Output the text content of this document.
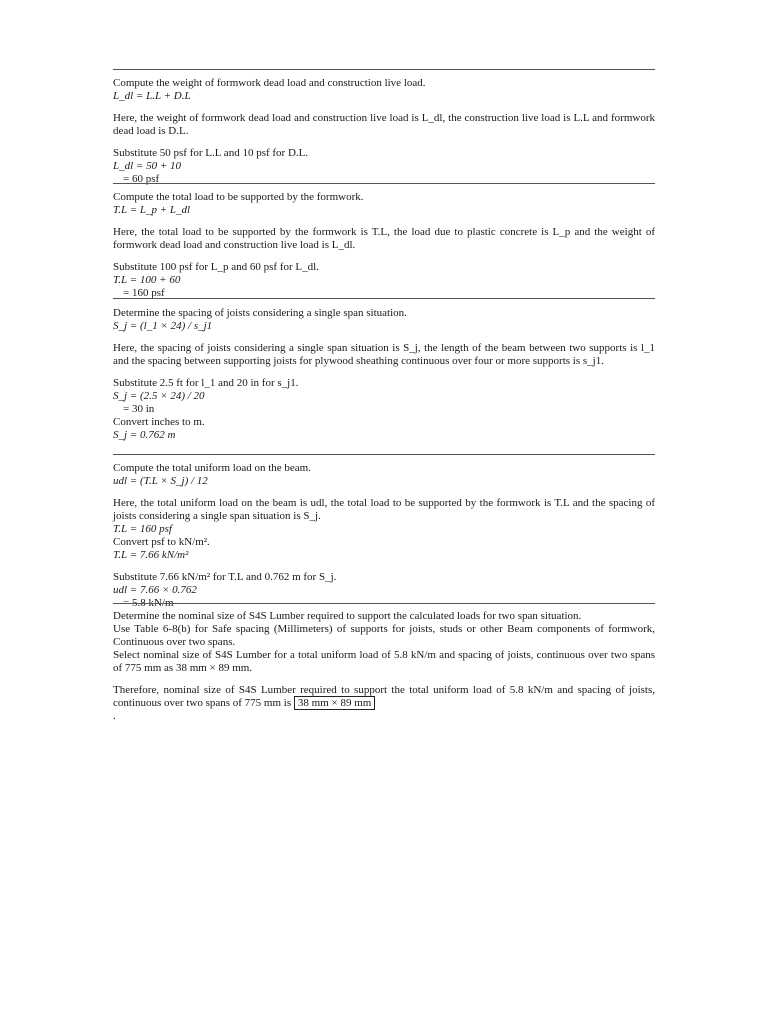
Compute the weight of formwork dead load and construction live load.
L_dl = L.L + D.L
Here, the weight of formwork dead load and construction live load is L_dl, the construction live load is L.L and formwork dead load is D.L.
Substitute 50 psf for L.L and 10 psf for D.L.
L_dl = 50 + 10
= 60 psf
Compute the total load to be supported by the formwork.
T.L = L_p + L_dl
Here, the total load to be supported by the formwork is T.L, the load due to plastic concrete is L_p and the weight of formwork dead load and construction live load is L_dl.
Substitute 100 psf for L_p and 60 psf for L_dl.
T.L = 100 + 60
= 160 psf
Determine the spacing of joists considering a single span situation.
S_j = (l_1 × 24) / s_j1
Here, the spacing of joists considering a single span situation is S_j, the length of the beam between two supports is l_1 and the spacing between supporting joists for plywood sheathing continuous over four or more supports is s_j1.
Substitute 2.5 ft for l_1 and 20 in for s_j1.
S_j = (2.5 × 24) / 20
= 30 in
Convert inches to m.
S_j = 0.762 m
Compute the total uniform load on the beam.
udl = (T.L × S_j) / 12
Here, the total uniform load on the beam is udl, the total load to be supported by the formwork is T.L and the spacing of joists considering a single span situation is S_j.
T.L = 160 psf
Convert psf to kN/m².
T.L = 7.66 kN/m²
Substitute 7.66 kN/m² for T.L and 0.762 m for S_j.
udl = 7.66 × 0.762
= 5.8 kN/m
Determine the nominal size of S4S Lumber required to support the calculated loads for two span situation.
Use Table 6-8(b) for Safe spacing (Millimeters) of supports for joists, studs or other Beam components of formwork, Continuous over two spans.
Select nominal size of S4S Lumber for a total uniform load of 5.8 kN/m and spacing of joists, continuous over two spans of 775 mm as 38 mm × 89 mm.
Therefore, nominal size of S4S Lumber required to support the total uniform load of 5.8 kN/m and spacing of joists, continuous over two spans of 775 mm is 38 mm × 89 mm
.
